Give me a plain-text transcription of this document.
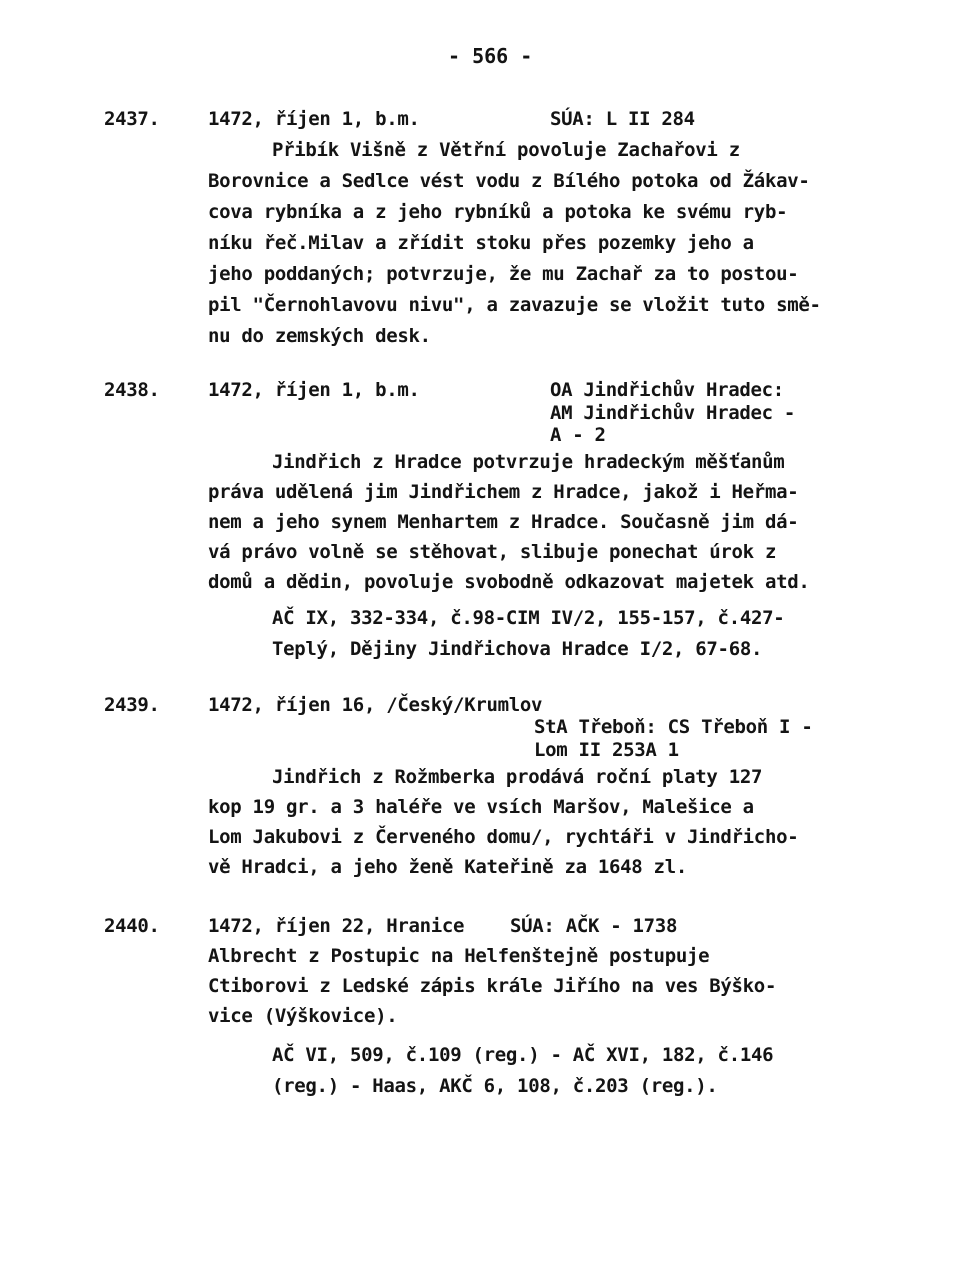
- 566 -
2437.	1472, říjen 1, b.m.	SÚA: L II 284
Přibík Višně z Větřní povoluje Zachařovi z
Borovnice a Sedlce vést vodu z Bílého potoka od Žákav-
cova rybníka a z jeho rybníků a potoka ke svému ryb-
níku řeč.Milav a zřídit stoku přes pozemky jeho a
jeho poddaných; potvrzuje, že mu Zachař za to postou-
pil "Černohlavovu nivu", a zavazuje se vložit tuto smě-
nu do zemských desk.
2438.	1472, říjen 1, b.m.	OA Jindřichův Hradec:
AM Jindřichův Hradec -
A - 2
Jindřich z Hradce potvrzuje hradeckým měšťanům
práva udělená jim Jindřichem z Hradce, jakož i Heřma-
nem a jeho synem Menhartem z Hradce. Současně jim dá-
vá právo volně se stěhovat, slibuje ponechat úrok z
domů a dědin, povoluje svobodně odkazovat majetek atd.
AČ IX, 332-334, č.98-CIM IV/2, 155-157, č.427-
Teplý, Dějiny Jindřichova Hradce I/2, 67-68.
2439.	1472, říjen 16, /Český/Krumlov
StA Třeboň: CS Třeboň I -
Lom II 253A 1
Jindřich z Rožmberka prodává roční platy 127
kop 19 gr. a 3 haléře ve vsích Maršov, Malešice a
Lom Jakubovi z Červeného domu/, rychtáři v Jindřicho-
vě Hradci, a jeho ženě Kateřině za 1648 zl.
2440.	1472, říjen 22, Hranice SÚA: AČK - 1738
Albrecht z Postupic na Helfenštejně postupuje
Ctiborovi z Ledské zápis krále Jiřího na ves Býško-
vice (Výškovice).
AČ VI, 509, č.109 (reg.) - AČ XVI, 182, č.146
(reg.) - Haas, AKČ 6, 108, č.203 (reg.).
